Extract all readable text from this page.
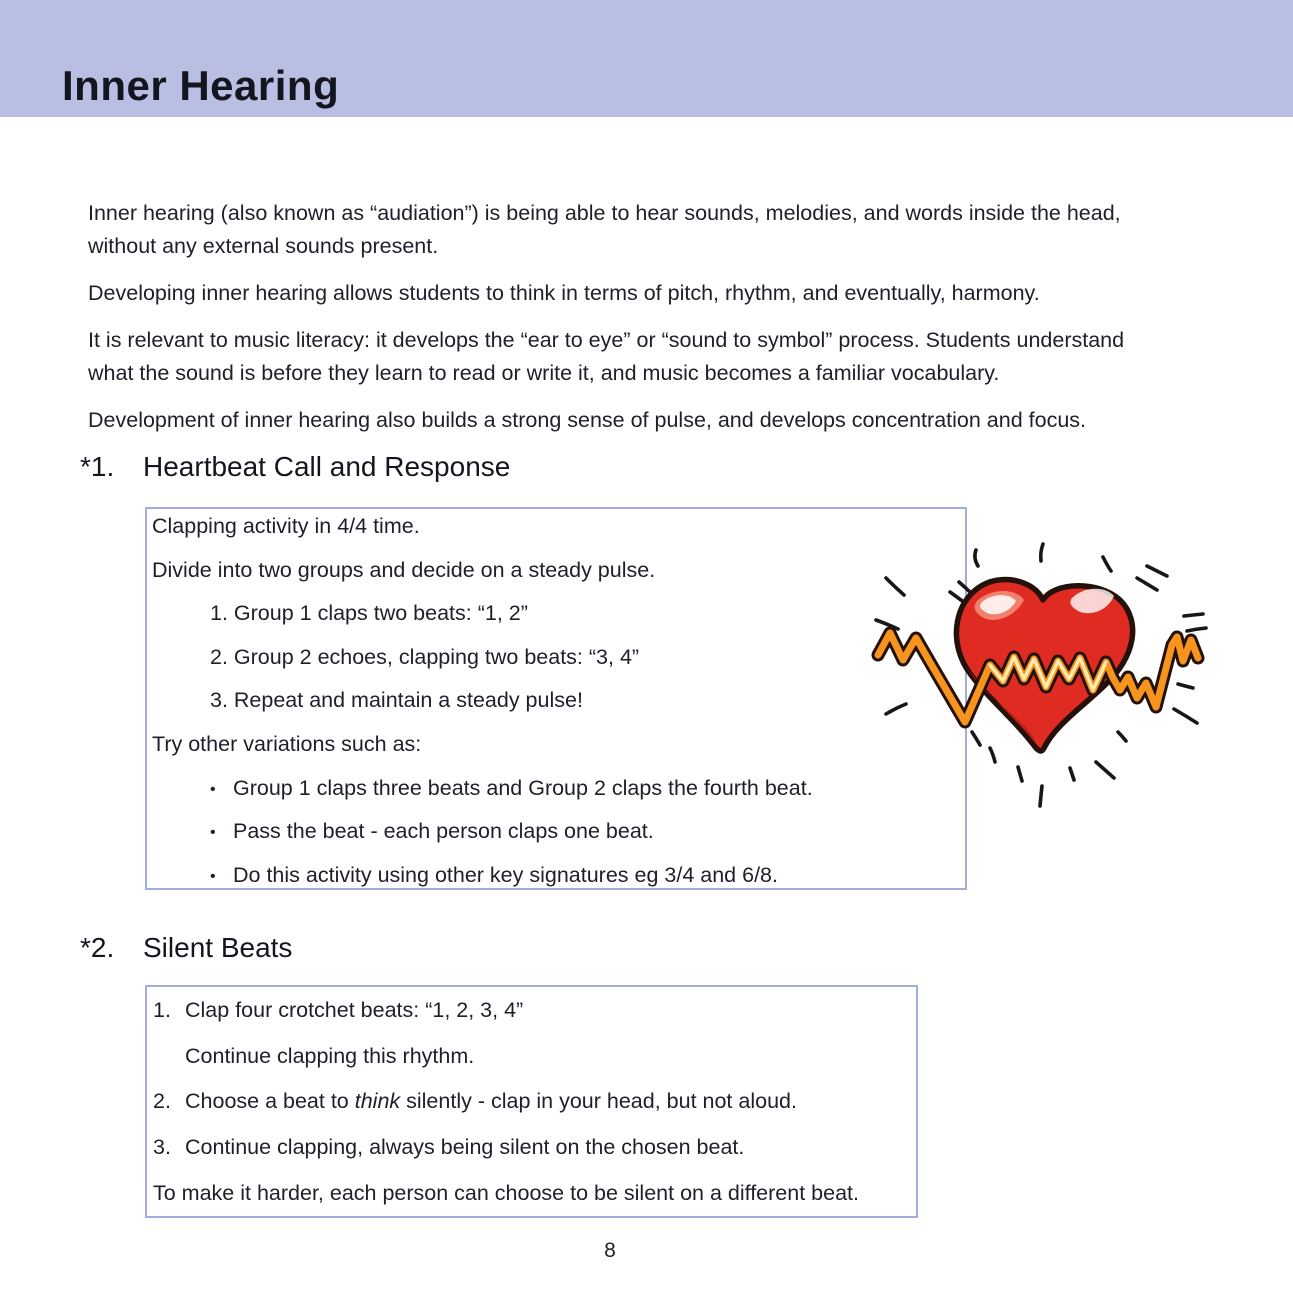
Inner Hearing

Inner hearing (also known as “audiation”) is being able to hear sounds, melodies, and words inside the head,
without any external sounds present.

Developing inner hearing allows students to think in terms of pitch, rhythm, and eventually, harmony.

It is relevant to music literacy: it develops the “ear to eye” or “sound to symbol” process. Students understand
what the sound is before they learn to read or write it, and music becomes a familiar vocabulary.

Development of inner hearing also builds a strong sense of pulse, and develops concentration and focus.

*1. Heartbeat Call and Response
Clapping activity in 4/4 time.
Divide into two groups and decide on a steady pulse.
1. Group 1 claps two beats: “1, 2”
2. Group 2 echoes, clapping two beats: “3, 4”
3. Repeat and maintain a steady pulse!
Try other variations such as:
• Group 1 claps three beats and Group 2 claps the fourth beat.
• Pass the beat - each person claps one beat.
• Do this activity using other key signatures eg 3/4 and 6/8.
*2. Silent Beats
1. Clap four crotchet beats: “1, 2, 3, 4”
Continue clapping this rhythm.
2. Choose a beat to think silently - clap in your head, but not aloud.
3. Continue clapping, always being silent on the chosen beat.
To make it harder, each person can choose to be silent on a different beat.
8
